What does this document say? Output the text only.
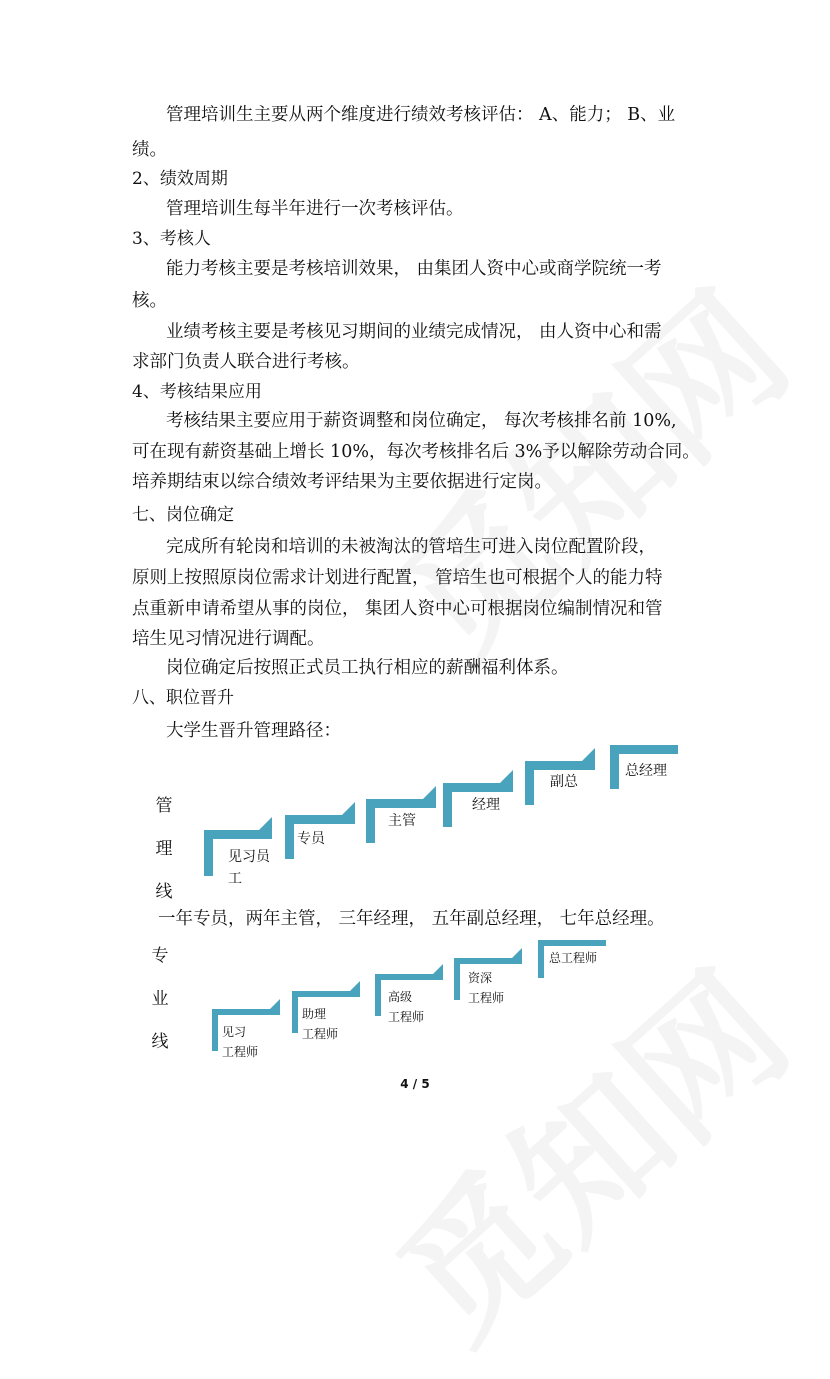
管理培训生主要从两个维度进行绩效考核评估： A、能力； B、业
绩。
2、绩效周期
管理培训生每半年进行一次考核评估。
3、考核人
能力考核主要是考核培训效果， 由集团人资中心或商学院统一考
核。
业绩考核主要是考核见习期间的业绩完成情况， 由人资中心和需
求部门负责人联合进行考核。
4、考核结果应用
考核结果主要应用于薪资调整和岗位确定， 每次考核排名前 10%,
可在现有薪资基础上增长 10%，每次考核排名后 3%予以解除劳动合同。
培养期结束以综合绩效考评结果为主要依据进行定岗。
七、岗位确定
完成所有轮岗和培训的未被淘汰的管培生可进入岗位配置阶段，
原则上按照原岗位需求计划进行配置， 管培生也可根据个人的能力特
点重新申请希望从事的岗位， 集团人资中心可根据岗位编制情况和管
培生见习情况进行调配。
岗位确定后按照正式员工执行相应的薪酬福利体系。
八、职位晋升
大学生晋升管理路径：
管
理
线
见习员
工
专员
主管
经理
副总
总经理
一年专员，两年主管， 三年经理， 五年副总经理， 七年总经理。
专
业
线	见习
工程师
助理
工程师
高级
工程师
资深
工程师
总工程师
4 / 5
